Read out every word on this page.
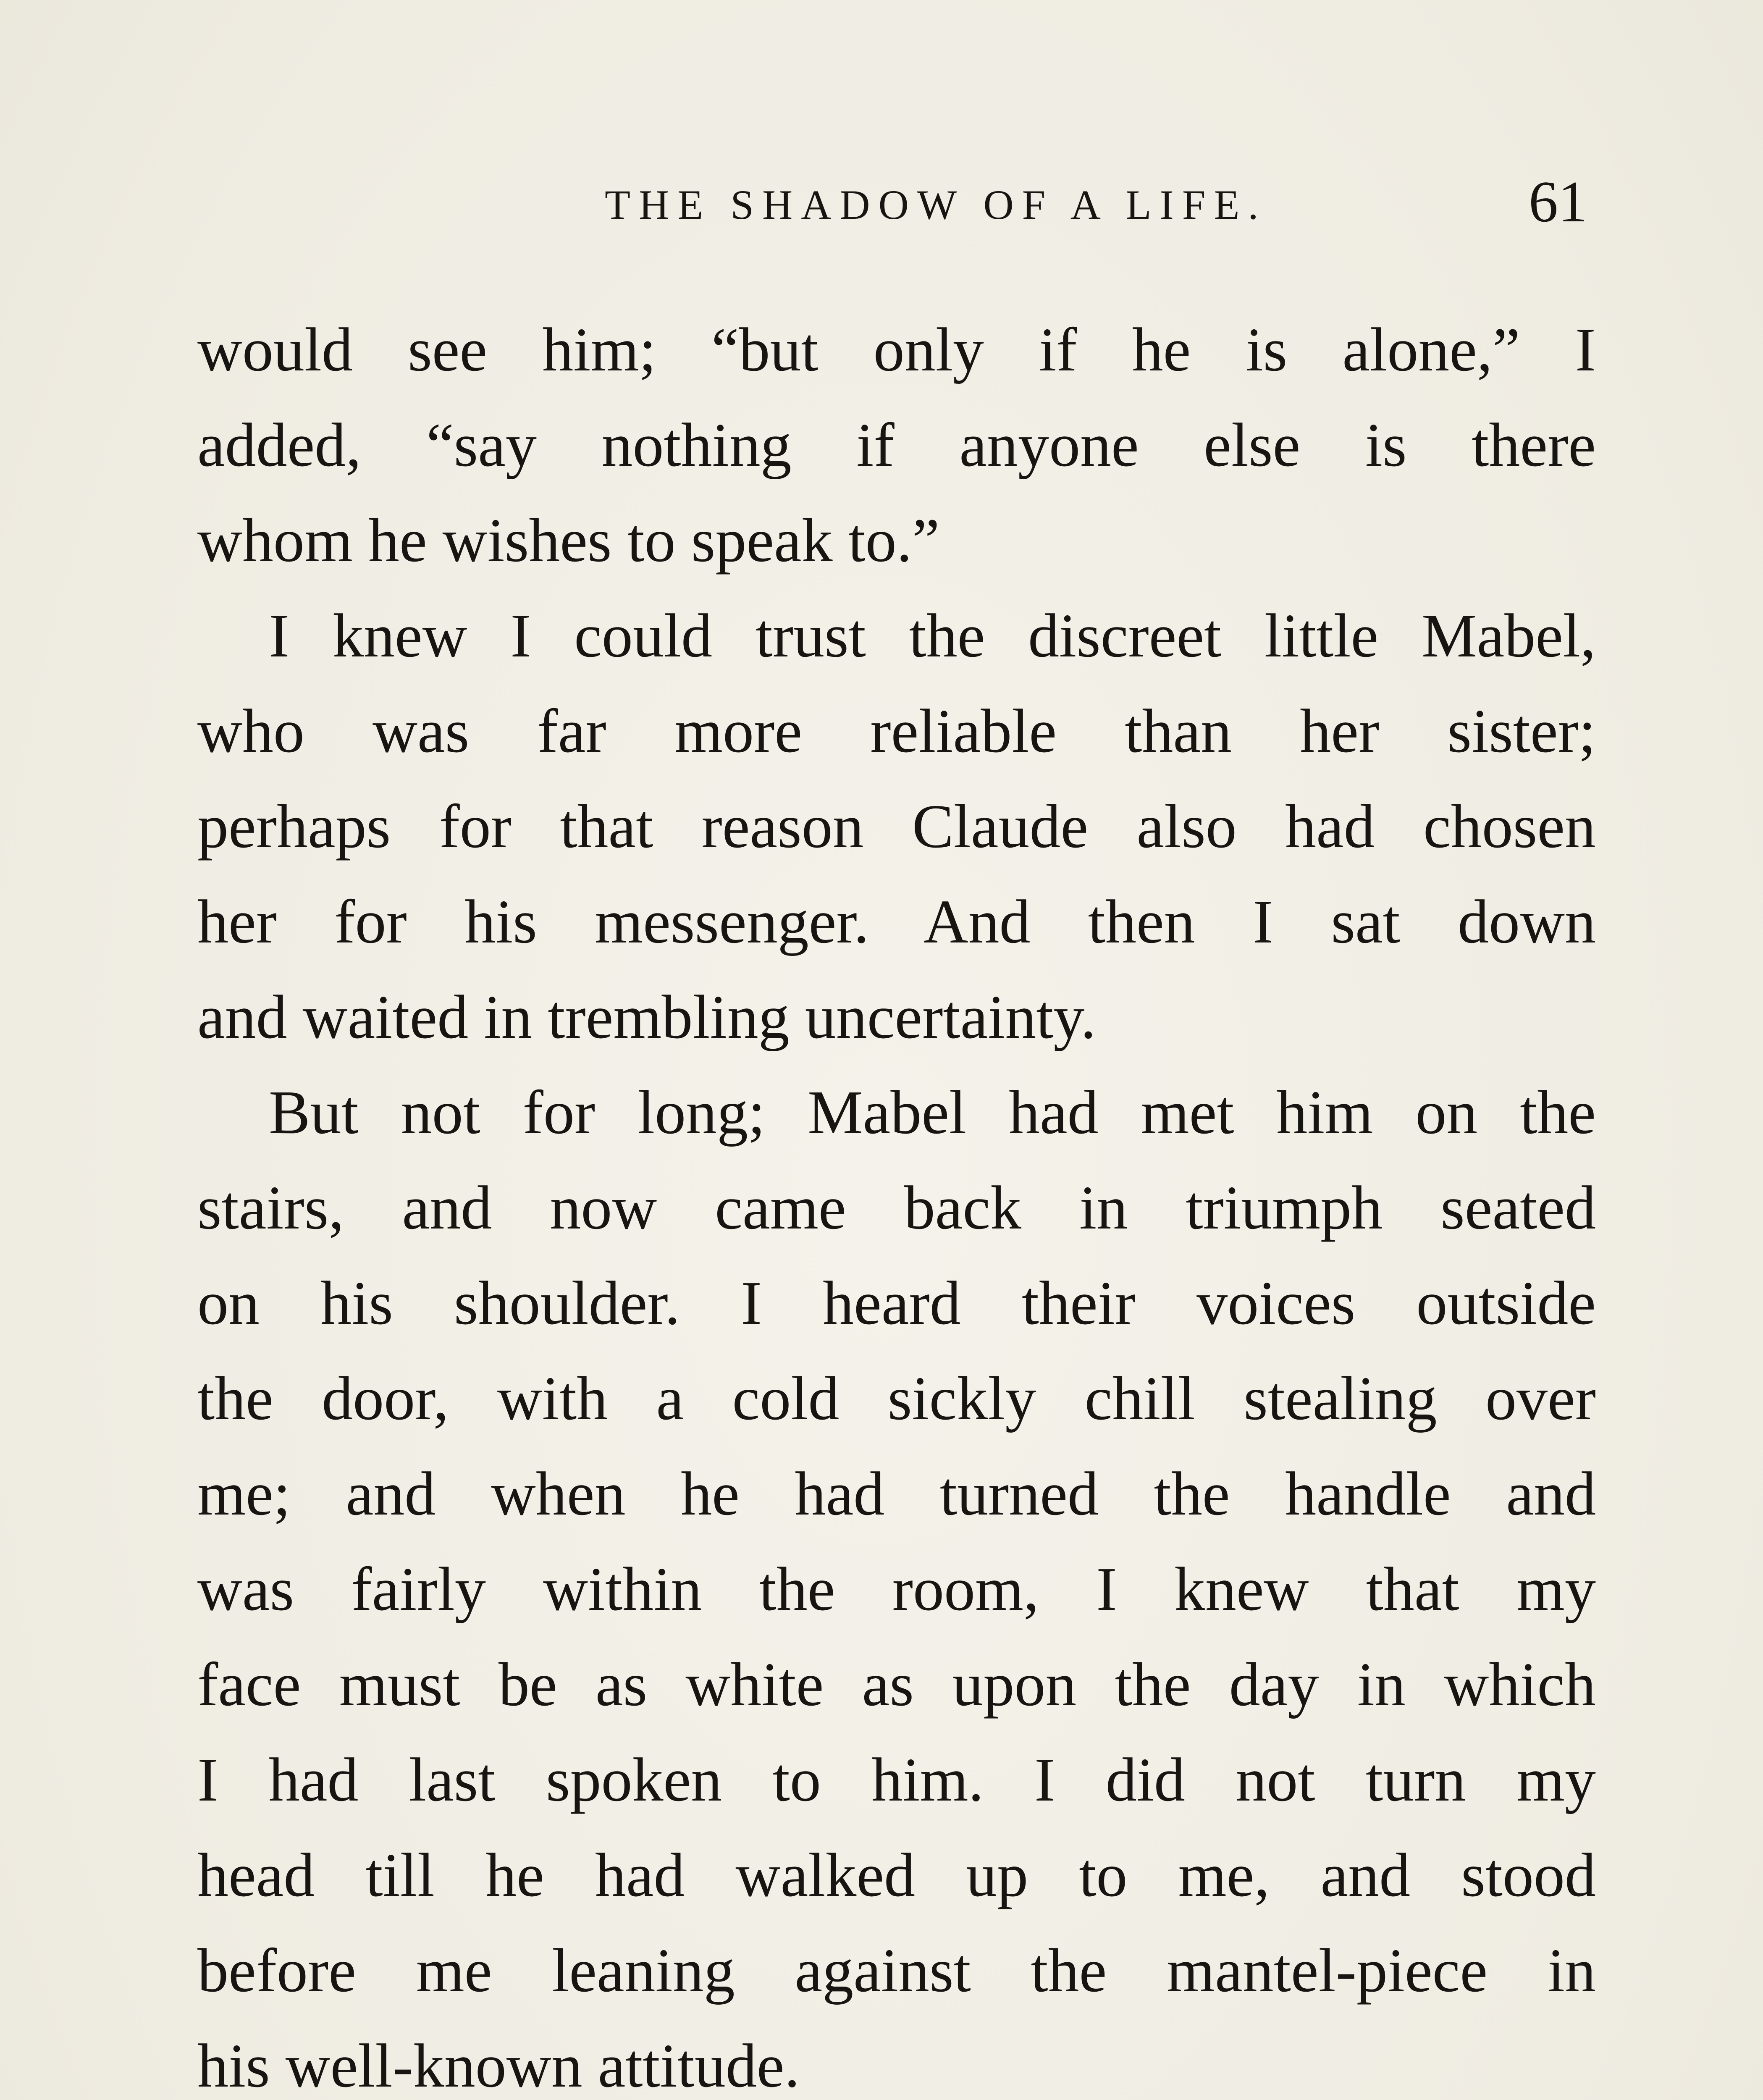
THE SHADOW OF A LIFE.	61
would see him; “but only if he is alone,” I
added, “say nothing if anyone else is there
whom he wishes to speak to.”
I knew I could trust the discreet little Mabel,
who was far more reliable than her sister;
perhaps for that reason Claude also had chosen
her for his messenger. And then I sat down
and waited in trembling uncertainty.
But not for long; Mabel had met him on the
stairs, and now came back in triumph seated
on his shoulder. I heard their voices outside
the door, with a cold sickly chill stealing over
me; and when he had turned the handle and
was fairly within the room, I knew that my
face must be as white as upon the day in which
I had last spoken to him. I did not turn my
head till he had walked up to me, and stood
before me leaning against the mantel-piece in
his well-known attitude.
